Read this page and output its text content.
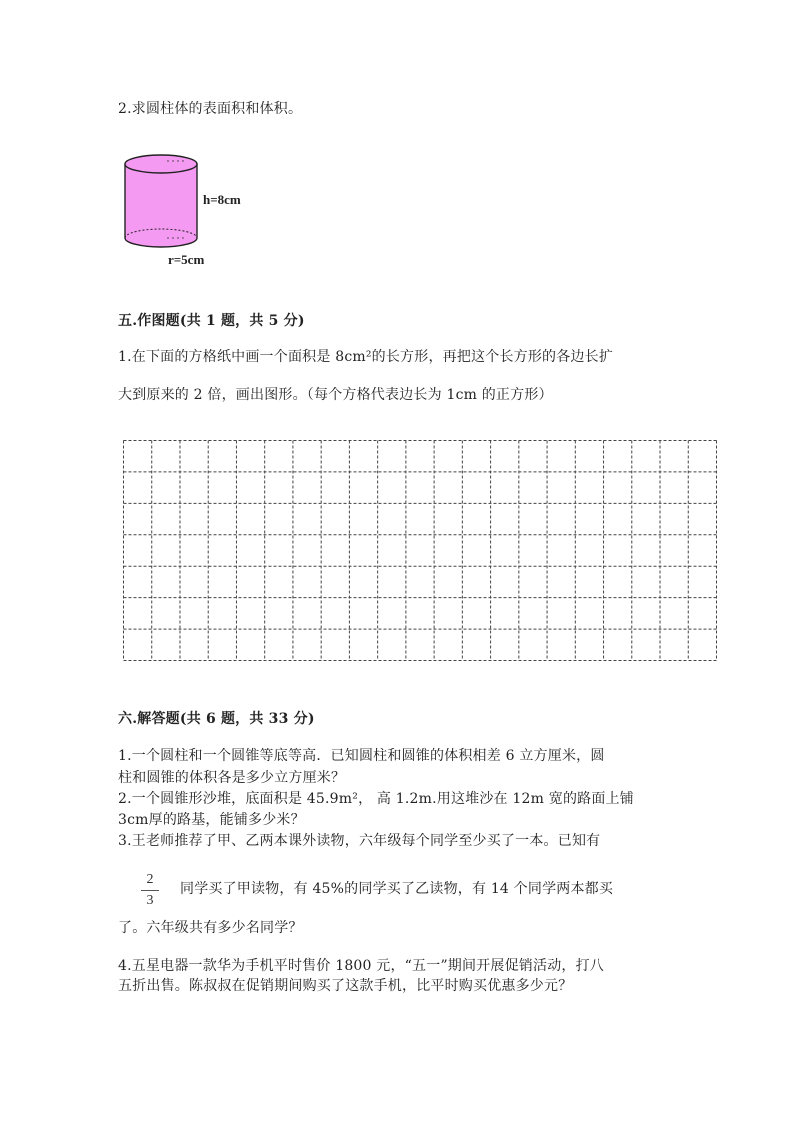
2.求圆柱体的表面积和体积。
h=8cm
r=5cm
五.作图题(共 1 题，共 5 分)
1.在下面的方格纸中画一个面积是 8cm²的长方形，再把这个长方形的各边长扩
大到原来的 2 倍，画出图形。（每个方格代表边长为 1cm 的正方形）
六.解答题(共 6 题，共 33 分)
1.一个圆柱和一个圆锥等底等高．已知圆柱和圆锥的体积相差 6 立方厘米，圆
柱和圆锥的体积各是多少立方厘米？
2.一个圆锥形沙堆，底面积是 45.9m²， 高 1.2m.用这堆沙在 12m 宽的路面上铺
3cm厚的路基，能铺多少米？
3.王老师推荐了甲、乙两本课外读物，六年级每个同学至少买了一本。已知有
2
3
同学买了甲读物，有 45%的同学买了乙读物，有 14 个同学两本都买
了。六年级共有多少名同学？
4.五星电器一款华为手机平时售价 1800 元，“五一”期间开展促销活动，打八
五折出售。陈叔叔在促销期间购买了这款手机，比平时购买优惠多少元？
